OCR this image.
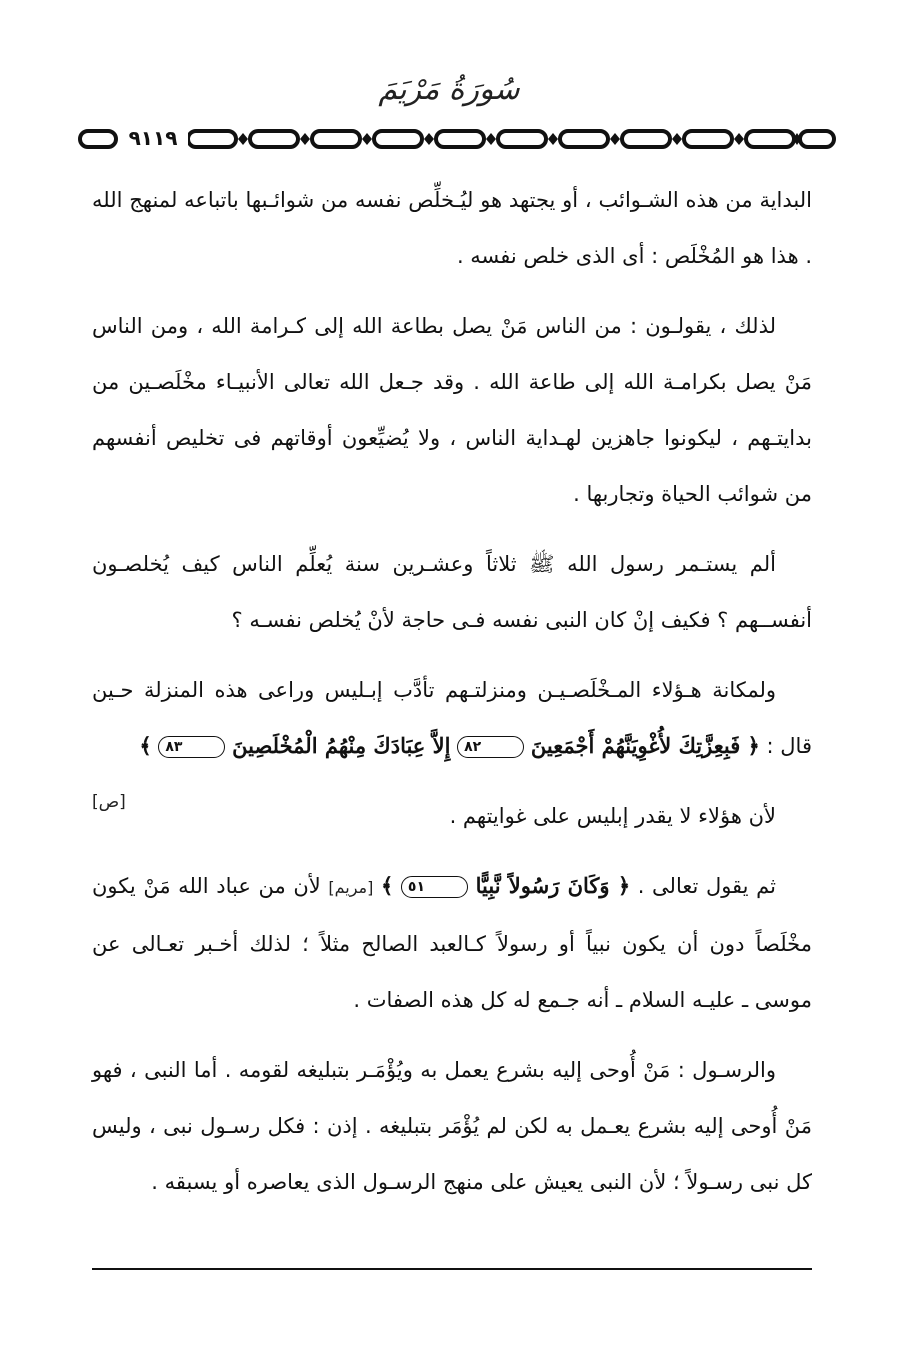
سُورَةُ مَرْيَمَ
٩١١٩

البداية من هذه الشـوائب ، أو يجتهد هو ليُـخلِّص نفسه من شوائـبها باتباعه لمنهج الله . هذا هو المُخْلَص : أى الذى خلص نفسه .

لذلك ، يقولـون : من الناس مَنْ يصل بطاعة الله إلى كـرامة الله ، ومن الناس مَنْ يصل بكرامـة الله إلى طاعة الله . وقد جـعل الله تعالى الأنبيـاء مخْلَصـين من بدايتـهم ، ليكونوا جاهزين لهـداية الناس ، ولا يُضيِّعون أوقاتهم فى تخليص أنفسهم من شوائب الحياة وتجاربها .

ألم يستـمر رسول الله ﷺ ثلاثاً وعشـرين سنة يُعلِّم الناس كيف يُخلصـون أنفســهم ؟ فكيف إنْ كان النبى نفسه فـى حاجة لأنْ يُخلص نفسـه ؟

ولمكانة هـؤلاء المـخْلَصـيـن ومنزلتـهم تأدَّب إبـليس وراعى هذه المنزلة حـين قال : ﴿ فَبِعِزَّتِكَ لأُغْوِيَنَّهُمْ أَجْمَعِينَ ٨٢ إِلاَّ عِبَادَكَ مِنْهُمُ الْمُخْلَصِينَ ٨٣ ﴾
[ص]

لأن هؤلاء لا يقدر إبليس على غوايتهم .

ثم يقول تعالى . ﴿ وَكَانَ رَسُولاً نَّبِيًّا ٥١ ﴾ [مريم] لأن من عباد الله مَنْ يكون مخْلَصاً دون أن يكون نبياً أو رسولاً كـالعبد الصالح مثلاً ؛ لذلك أخـبر تعـالى عن موسى ـ عليـه السلام ـ أنه جـمع له كل هذه الصفات .

والرسـول : مَنْ أُوحى إليه بشرع يعمل به ويُؤْمَـر بتبليغه لقومه . أما النبى ، فهو مَنْ أُوحى إليه بشرع يعـمل به لكن لم يُؤْمَر بتبليغه . إذن : فكل رسـول نبى ، وليس كل نبى رسـولاً ؛ لأن النبى يعيش على منهج الرسـول الذى يعاصره أو يسبقه .
